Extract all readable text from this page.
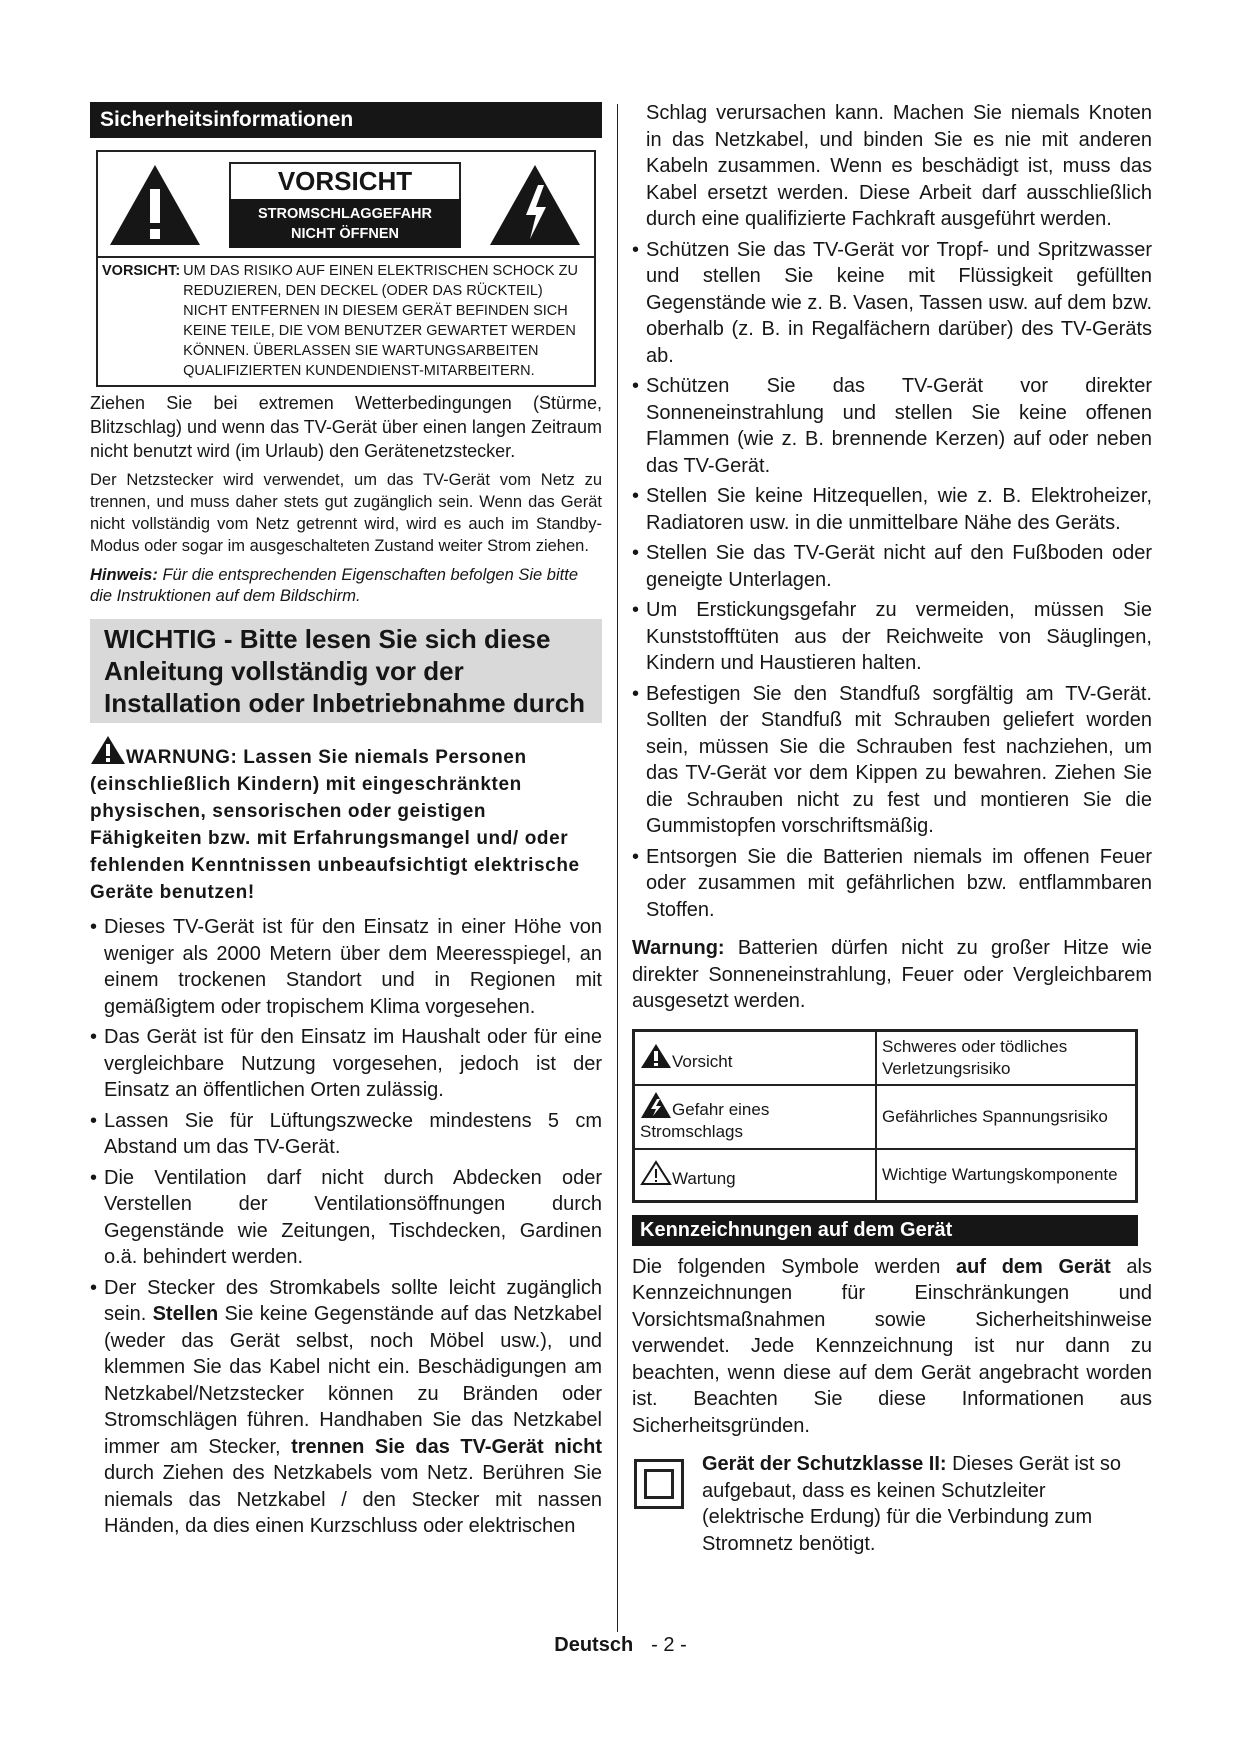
Sicherheitsinformationen
VORSICHT
STROMSCHLAGGEFAHR
NICHT ÖFFNEN
VORSICHT: UM DAS RISIKO AUF EINEN ELEKTRISCHEN SCHOCK ZU REDUZIEREN, DEN DECKEL (ODER DAS RÜCKTEIL) NICHT ENTFERNEN IN DIESEM GERÄT BEFINDEN SICH KEINE TEILE, DIE VOM BENUTZER GEWARTET WERDEN KÖNNEN. ÜBERLASSEN SIE WARTUNGSARBEITEN QUALIFIZIERTEN KUNDENDIENST-MITARBEITERN.

Ziehen Sie bei extremen Wetterbedingungen (Stürme, Blitzschlag) und wenn das TV-Gerät über einen langen Zeitraum nicht benutzt wird (im Urlaub) den Gerätenetzstecker.

Der Netzstecker wird verwendet, um das TV-Gerät vom Netz zu trennen, und muss daher stets gut zugänglich sein. Wenn das Gerät nicht vollständig vom Netz getrennt wird, wird es auch im Standby-Modus oder sogar im ausgeschalteten Zustand weiter Strom ziehen.

Hinweis: Für die entsprechenden Eigenschaften befolgen Sie bitte die Instruktionen auf dem Bildschirm.

WICHTIG - Bitte lesen Sie sich diese Anleitung vollständig vor der Installation oder Inbetriebnahme durch

WARNUNG: Lassen Sie niemals Personen (einschließlich Kindern) mit eingeschränkten physischen, sensorischen oder geistigen Fähigkeiten bzw. mit Erfahrungsmangel und/ oder fehlenden Kenntnissen unbeaufsichtigt elektrische Geräte benutzen!

• Dieses TV-Gerät ist für den Einsatz in einer Höhe von weniger als 2000 Metern über dem Meeresspiegel, an einem trockenen Standort und in Regionen mit gemäßigtem oder tropischem Klima vorgesehen.
• Das Gerät ist für den Einsatz im Haushalt oder für eine vergleichbare Nutzung vorgesehen, jedoch ist der Einsatz an öffentlichen Orten zulässig.
• Lassen Sie für Lüftungszwecke mindestens 5 cm Abstand um das TV-Gerät.
• Die Ventilation darf nicht durch Abdecken oder Verstellen der Ventilationsöffnungen durch Gegenstände wie Zeitungen, Tischdecken, Gardinen o.ä. behindert werden.
• Der Stecker des Stromkabels sollte leicht zugänglich sein. Stellen Sie keine Gegenstände auf das Netzkabel (weder das Gerät selbst, noch Möbel usw.), und klemmen Sie das Kabel nicht ein. Beschädigungen am Netzkabel/Netzstecker können zu Bränden oder Stromschlägen führen. Handhaben Sie das Netzkabel immer am Stecker, trennen Sie das TV-Gerät nicht durch Ziehen des Netzkabels vom Netz. Berühren Sie niemals das Netzkabel / den Stecker mit nassen Händen, da dies einen Kurzschluss oder elektrischen

Schlag verursachen kann. Machen Sie niemals Knoten in das Netzkabel, und binden Sie es nie mit anderen Kabeln zusammen. Wenn es beschädigt ist, muss das Kabel ersetzt werden. Diese Arbeit darf ausschließlich durch eine qualifizierte Fachkraft ausgeführt werden.

• Schützen Sie das TV-Gerät vor Tropf- und Spritzwasser und stellen Sie keine mit Flüssigkeit gefüllten Gegenstände wie z. B. Vasen, Tassen usw. auf dem bzw. oberhalb (z. B. in Regalfächern darüber) des TV-Geräts ab.
• Schützen Sie das TV-Gerät vor direkter Sonneneinstrahlung und stellen Sie keine offenen Flammen (wie z. B. brennende Kerzen) auf oder neben das TV-Gerät.
• Stellen Sie keine Hitzequellen, wie z. B. Elektroheizer, Radiatoren usw. in die unmittelbare Nähe des Geräts.
• Stellen Sie das TV-Gerät nicht auf den Fußboden oder geneigte Unterlagen.
• Um Erstickungsgefahr zu vermeiden, müssen Sie Kunststofftüten aus der Reichweite von Säuglingen, Kindern und Haustieren halten.
• Befestigen Sie den Standfuß sorgfältig am TV-Gerät. Sollten der Standfuß mit Schrauben geliefert worden sein, müssen Sie die Schrauben fest nachziehen, um das TV-Gerät vor dem Kippen zu bewahren. Ziehen Sie die Schrauben nicht zu fest und montieren Sie die Gummistopfen vorschriftsmäßig.
• Entsorgen Sie die Batterien niemals im offenen Feuer oder zusammen mit gefährlichen bzw. entflammbaren Stoffen.

Warnung: Batterien dürfen nicht zu großer Hitze wie direkter Sonneneinstrahlung, Feuer oder Vergleichbarem ausgesetzt werden.

Vorsicht	Schweres oder tödliches Verletzungsrisiko
Gefahr eines Stromschlags	Gefährliches Spannungsrisiko
Wartung	Wichtige Wartungskomponente
Kennzeichnungen auf dem Gerät

Die folgenden Symbole werden auf dem Gerät als Kennzeichnungen für Einschränkungen und Vorsichtsmaßnahmen sowie Sicherheitshinweise verwendet. Jede Kennzeichnung ist nur dann zu beachten, wenn diese auf dem Gerät angebracht worden ist. Beachten Sie diese Informationen aus Sicherheitsgründen.

Gerät der Schutzklasse II: Dieses Gerät ist so aufgebaut, dass es keinen Schutzleiter (elektrische Erdung) für die Verbindung zum Stromnetz benötigt.

Deutsch - 2 -
